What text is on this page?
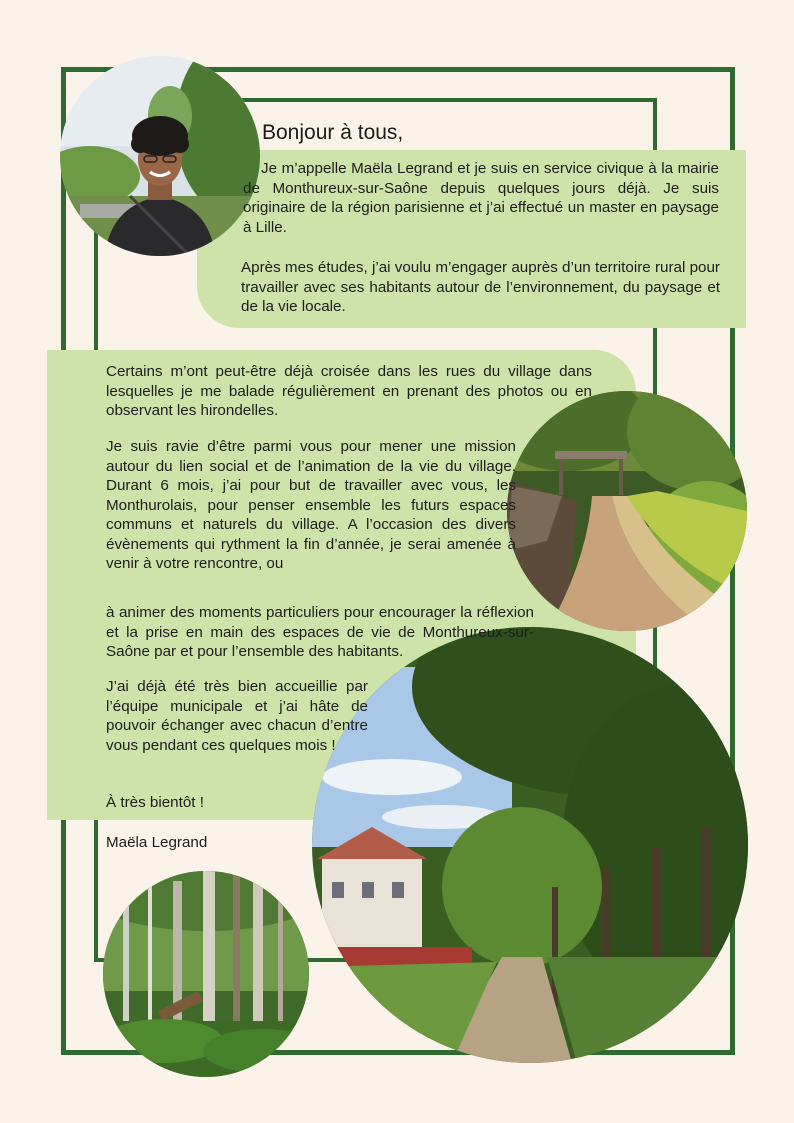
Bonjour à tous,

Je m’appelle Maëla Legrand et je suis en service civique à la mairie de Monthureux-sur-Saône depuis quelques jours déjà. Je suis originaire de la région parisienne et j’ai effectué un master en paysage à Lille.

Après mes études, j’ai voulu m’engager auprès d’un territoire rural pour travailler avec ses habitants autour de l’environnement, du paysage et de la vie locale.

Certains m’ont peut-être déjà croisée dans les rues du village dans lesquelles je me balade régulièrement en prenant des photos ou en observant les hirondelles.

Je suis ravie d’être parmi vous pour mener une mission autour du lien social et de l’animation de la vie du village. Durant 6 mois, j’ai pour but de travailler avec vous, les Monthurolais, pour penser ensemble les futurs espaces communs et naturels du village. A l’occasion des divers évènements qui rythment la fin d’année, je serai amenée à venir à votre rencontre, ou

à animer des moments particuliers pour encourager la réflexion et la prise en main des espaces de vie de Monthureux-sur-Saône par et pour l’ensemble des habitants.

J’ai déjà été très bien accueillie par l’équipe municipale et j’ai hâte de pouvoir échanger avec chacun d’entre vous pendant ces quelques mois !

À très bientôt !

Maëla Legrand
